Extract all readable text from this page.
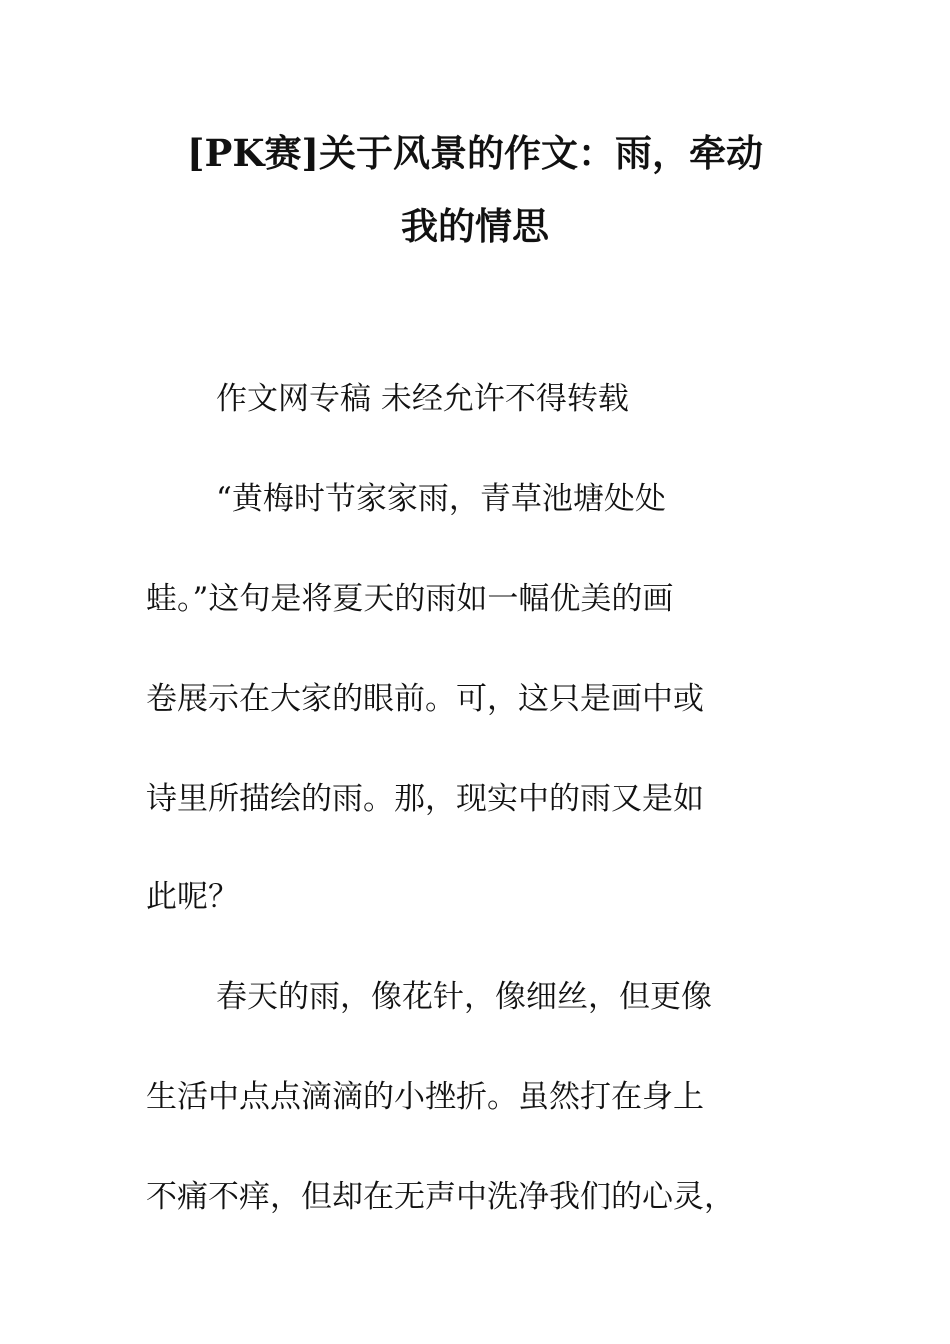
[PK赛]关于风景的作文：雨，牵动
我的情思
作文网专稿 未经允许不得转载
“黄梅时节家家雨，青草池塘处处
蛙。”这句是将夏天的雨如一幅优美的画
卷展示在大家的眼前。可，这只是画中或
诗里所描绘的雨。那，现实中的雨又是如
此呢？
春天的雨，像花针，像细丝，但更像
生活中点点滴滴的小挫折。虽然打在身上
不痛不痒，但却在无声中洗净我们的心灵，
